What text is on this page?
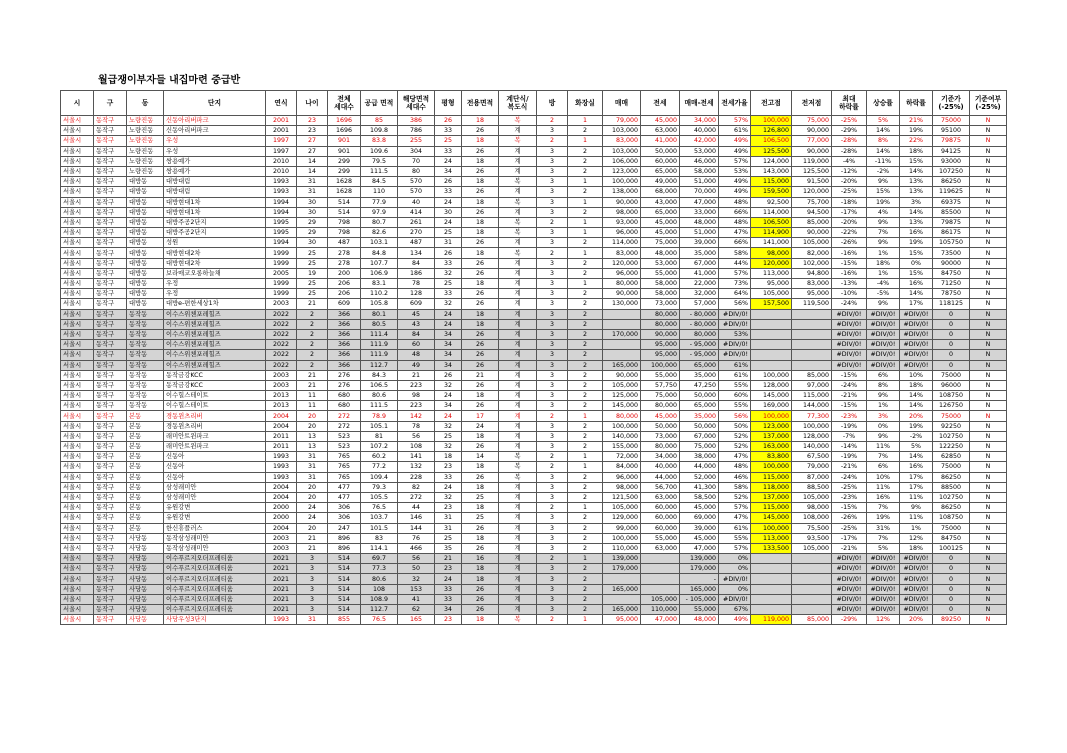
월급쟁이부자들 내집마련 중급반
시	구	동	단지	연식	나이	전체
세대수	공급 면적	해당면적
세대수	평형	전용면적	계단식/
복도식	방	화장실	매매	전세	매매-전세	전세가율	전고점	전저점	최대
하락률	상승률	하락률	기준가
(-25%)	기준여부
(-25%)
서울시	동작구	노량진동	신동아리버파크	2001	23	1696	85	386	26	18	복	2	1	79,000	45,000	34,000	57%	100,000	75,000	-25%	5%	21%	75000	N
서울시	동작구	노량진동	신동아리버파크	2001	23	1696	109.8	786	33	26	계	3	2	103,000	63,000	40,000	61%	126,800	90,000	-29%	14%	19%	95100	N
서울시	동작구	노량진동	우성	1997	27	901	83.8	255	25	18	복	2	1	83,000	41,000	42,000	49%	106,500	77,000	-28%	8%	22%	79875	N
서울시	동작구	노량진동	우성	1997	27	901	109.6	304	33	26	계	3	2	103,000	50,000	53,000	49%	125,500	90,000	-28%	14%	18%	94125	N
서울시	동작구	노량진동	쌍용예가	2010	14	299	79.5	70	24	18	계	3	2	106,000	60,000	46,000	57%	124,000	119,000	-4%	-11%	15%	93000	N
서울시	동작구	노량진동	쌍용예가	2010	14	299	111.5	80	34	26	계	3	2	123,000	65,000	58,000	53%	143,000	125,500	-12%	-2%	14%	107250	N
서울시	동작구	대방동	대방대림	1993	31	1628	84.5	570	26	18	복	3	1	100,000	49,000	51,000	49%	115,000	91,500	-20%	9%	13%	86250	N
서울시	동작구	대방동	대방대림	1993	31	1628	110	570	33	26	계	3	2	138,000	68,000	70,000	49%	159,500	120,000	-25%	15%	13%	119625	N
서울시	동작구	대방동	대방현대1차	1994	30	514	77.9	40	24	18	복	3	1	90,000	43,000	47,000	48%	92,500	75,700	-18%	19%	3%	69375	N
서울시	동작구	대방동	대방현대1차	1994	30	514	97.9	414	30	26	계	3	2	98,000	65,000	33,000	66%	114,000	94,500	-17%	4%	14%	85500	N
서울시	동작구	대방동	대방주공2단지	1995	29	798	80.7	261	24	18	복	2	1	93,000	45,000	48,000	48%	106,500	85,000	-20%	9%	13%	79875	N
서울시	동작구	대방동	대방주공2단지	1995	29	798	82.6	270	25	18	복	3	1	96,000	45,000	51,000	47%	114,900	90,000	-22%	7%	16%	86175	N
서울시	동작구	대방동	성원	1994	30	487	103.1	487	31	26	계	3	2	114,000	75,000	39,000	66%	141,000	105,000	-26%	9%	19%	105750	N
서울시	동작구	대방동	대방현대2차	1999	25	278	84.8	134	26	18	복	2	1	83,000	48,000	35,000	58%	98,000	82,000	-16%	1%	15%	73500	N
서울시	동작구	대방동	대방현대2차	1999	25	278	107.7	84	33	26	계	3	2	120,000	53,000	67,000	44%	120,000	102,000	-15%	18%	0%	90000	N
서울시	동작구	대방동	보라매코오롱하늘채	2005	19	200	106.9	186	32	26	계	3	2	96,000	55,000	41,000	57%	113,000	94,800	-16%	1%	15%	84750	N
서울시	동작구	대방동	우정	1999	25	206	83.1	78	25	18	계	3	1	80,000	58,000	22,000	73%	95,000	83,000	-13%	-4%	16%	71250	N
서울시	동작구	대방동	우정	1999	25	206	110.2	128	33	26	계	3	2	90,000	58,000	32,000	64%	105,000	95,000	-10%	-5%	14%	78750	N
서울시	동작구	대방동	대방e-편한세상1차	2003	21	609	105.8	609	32	26	계	3	2	130,000	73,000	57,000	56%	157,500	119,500	-24%	9%	17%	118125	N
서울시	동작구	동작동	이수스위첸포레힐즈	2022	2	366	80.1	45	24	18	계	3	2		80,000	- 80,000	#DIV/0!			#DIV/0!	#DIV/0!	#DIV/0!	0	N
서울시	동작구	동작동	이수스위첸포레힐즈	2022	2	366	80.5	43	24	18	계	3	2		80,000	- 80,000	#DIV/0!			#DIV/0!	#DIV/0!	#DIV/0!	0	N
서울시	동작구	동작동	이수스위첸포레힐즈	2022	2	366	111.4	84	34	26	계	3	2	170,000	90,000	80,000	53%			#DIV/0!	#DIV/0!	#DIV/0!	0	N
서울시	동작구	동작동	이수스위첸포레힐즈	2022	2	366	111.9	60	34	26	계	3	2		95,000	- 95,000	#DIV/0!			#DIV/0!	#DIV/0!	#DIV/0!	0	N
서울시	동작구	동작동	이수스위첸포레힐즈	2022	2	366	111.9	48	34	26	계	3	2		95,000	- 95,000	#DIV/0!			#DIV/0!	#DIV/0!	#DIV/0!	0	N
서울시	동작구	동작동	이수스위첸포레힐즈	2022	2	366	112.7	49	34	26	계	3	2	165,000	100,000	65,000	61%			#DIV/0!	#DIV/0!	#DIV/0!	0	N
서울시	동작구	동작동	동작금강KCC	2003	21	276	84.3	21	26	21	계	3	2	90,000	55,000	35,000	61%	100,000	85,000	-15%	6%	10%	75000	N
서울시	동작구	동작동	동작금강KCC	2003	21	276	106.5	223	32	26	계	3	2	105,000	57,750	47,250	55%	128,000	97,000	-24%	8%	18%	96000	N
서울시	동작구	동작동	이수힐스테이트	2013	11	680	80.6	98	24	18	계	3	2	125,000	75,000	50,000	60%	145,000	115,000	-21%	9%	14%	108750	N
서울시	동작구	동작동	이수힐스테이트	2013	11	680	111.5	223	34	26	계	3	2	145,000	80,000	65,000	55%	169,000	144,000	-15%	1%	14%	126750	N
서울시	동작구	본동	경동윈츠리버	2004	20	272	78.9	142	24	17	계	2	1	80,000	45,000	35,000	56%	100,000	77,300	-23%	3%	20%	75000	N
서울시	동작구	본동	경동윈츠리버	2004	20	272	105.1	78	32	24	계	3	2	100,000	50,000	50,000	50%	123,000	100,000	-19%	0%	19%	92250	N
서울시	동작구	본동	래미안트윈파크	2011	13	523	81	56	25	18	계	3	2	140,000	73,000	67,000	52%	137,000	128,000	-7%	9%	-2%	102750	N
서울시	동작구	본동	래미안트윈파크	2011	13	523	107.2	108	32	26	계	3	2	155,000	80,000	75,000	52%	163,000	140,000	-14%	11%	5%	122250	N
서울시	동작구	본동	신동아	1993	31	765	60.2	141	18	14	복	2	1	72,000	34,000	38,000	47%	83,800	67,500	-19%	7%	14%	62850	N
서울시	동작구	본동	신동아	1993	31	765	77.2	132	23	18	복	2	1	84,000	40,000	44,000	48%	100,000	79,000	-21%	6%	16%	75000	N
서울시	동작구	본동	신동아	1993	31	765	109.4	228	33	26	복	3	2	96,000	44,000	52,000	46%	115,000	87,000	-24%	10%	17%	86250	N
서울시	동작구	본동	삼성래미안	2004	20	477	79.3	82	24	18	계	3	2	98,000	56,700	41,300	58%	118,000	88,500	-25%	11%	17%	88500	N
서울시	동작구	본동	삼성래미안	2004	20	477	105.5	272	32	25	계	3	2	121,500	63,000	58,500	52%	137,000	105,000	-23%	16%	11%	102750	N
서울시	동작구	본동	유원강변	2000	24	306	76.5	44	23	18	계	2	1	105,000	60,000	45,000	57%	115,000	98,000	-15%	7%	9%	86250	N
서울시	동작구	본동	유원강변	2000	24	306	103.7	146	31	25	계	3	2	129,000	60,000	69,000	47%	145,000	108,000	-26%	19%	11%	108750	N
서울시	동작구	본동	한신휴플러스	2004	20	247	101.5	144	31	26	계	3	2	99,000	60,000	39,000	61%	100,000	75,500	-25%	31%	1%	75000	N
서울시	동작구	사당동	동작삼성래미안	2003	21	896	83	76	25	18	계	3	2	100,000	55,000	45,000	55%	113,000	93,500	-17%	7%	12%	84750	N
서울시	동작구	사당동	동작삼성래미안	2003	21	896	114.1	466	35	26	계	3	2	110,000	63,000	47,000	57%	133,500	105,000	-21%	5%	18%	100125	N
서울시	동작구	사당동	이수푸르지오더프레티움	2021	3	514	69.7	56	21	16	계	2	1	139,000		139,000	0%			#DIV/0!	#DIV/0!	#DIV/0!	0	N
서울시	동작구	사당동	이수푸르지오더프레티움	2021	3	514	77.3	50	23	18	계	3	2	179,000		179,000	0%			#DIV/0!	#DIV/0!	#DIV/0!	0	N
서울시	동작구	사당동	이수푸르지오더프레티움	2021	3	514	80.6	32	24	18	계	3	2			-	#DIV/0!			#DIV/0!	#DIV/0!	#DIV/0!	0	N
서울시	동작구	사당동	이수푸르지오더프레티움	2021	3	514	108	153	33	26	계	3	2	165,000		165,000	0%			#DIV/0!	#DIV/0!	#DIV/0!	0	N
서울시	동작구	사당동	이수푸르지오더프레티움	2021	3	514	108.9	41	33	26	계	3	2		105,000	- 105,000	#DIV/0!			#DIV/0!	#DIV/0!	#DIV/0!	0	N
서울시	동작구	사당동	이수푸르지오더프레티움	2021	3	514	112.7	62	34	26	계	3	2	165,000	110,000	55,000	67%			#DIV/0!	#DIV/0!	#DIV/0!	0	N
서울시	동작구	사당동	사당우성3단지	1993	31	855	76.5	165	23	18	복	2	1	95,000	47,000	48,000	49%	119,000	85,000	-29%	12%	20%	89250	N
